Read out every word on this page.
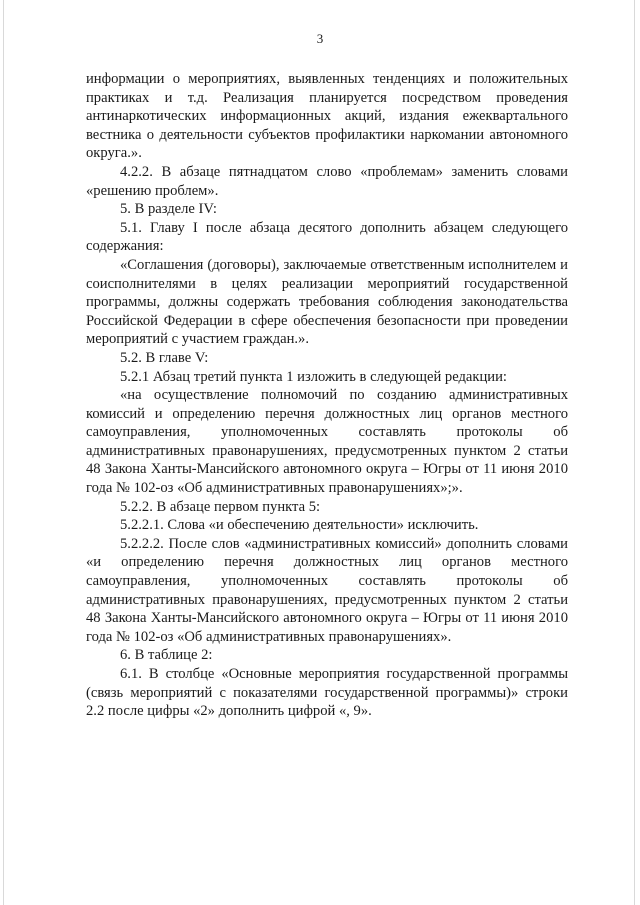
3

информации о мероприятиях, выявленных тенденциях и положительных практиках и т.д. Реализация планируется посредством проведения антинаркотических информационных акций, издания ежеквартального вестника о деятельности субъектов профилактики наркомании автономного округа.».

4.2.2. В абзаце пятнадцатом слово «проблемам» заменить словами «решению проблем».

5. В разделе IV:

5.1. Главу I после абзаца десятого дополнить абзацем следующего содержания:

«Соглашения (договоры), заключаемые ответственным исполнителем и соисполнителями в целях реализации мероприятий государственной программы, должны содержать требования соблюдения законодательства Российской Федерации в сфере обеспечения безопасности при проведении мероприятий с участием граждан.».

5.2. В главе V:

5.2.1 Абзац третий пункта 1 изложить в следующей редакции:

«на осуществление полномочий по созданию административных комиссий и определению перечня должностных лиц органов местного самоуправления, уполномоченных составлять протоколы об административных правонарушениях, предусмотренных пунктом 2 статьи 48 Закона Ханты-Мансийского автономного округа – Югры от 11 июня 2010 года № 102-оз «Об административных правонарушениях»;».

5.2.2. В абзаце первом пункта 5:

5.2.2.1. Слова «и обеспечению деятельности» исключить.

5.2.2.2. После слов «административных комиссий» дополнить словами «и определению перечня должностных лиц органов местного самоуправления, уполномоченных составлять протоколы об административных правонарушениях, предусмотренных пунктом 2 статьи 48 Закона Ханты-Мансийского автономного округа – Югры от 11 июня 2010 года № 102-оз «Об административных правонарушениях».

6. В таблице 2:

6.1. В столбце «Основные мероприятия государственной программы (связь мероприятий с показателями государственной программы)» строки 2.2 после цифры «2» дополнить цифрой «, 9».
